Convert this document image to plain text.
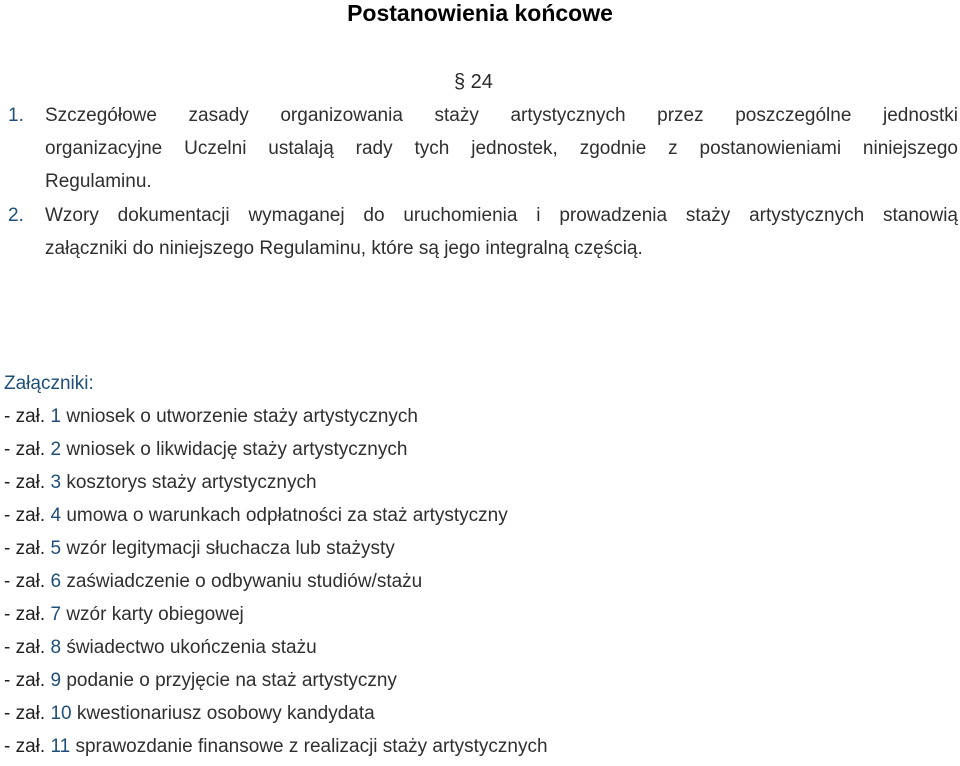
Postanowienia końcowe
§ 24
1.	Szczegółowe zasady organizowania staży artystycznych przez poszczególne jednostki
organizacyjne Uczelni ustalają rady tych jednostek, zgodnie z postanowieniami niniejszego
Regulaminu.
2.	Wzory dokumentacji wymaganej do uruchomienia i prowadzenia staży artystycznych stanowią
załączniki do niniejszego Regulaminu, które są jego integralną częścią.
Załączniki:
- zał. 1 wniosek o utworzenie staży artystycznych
- zał. 2 wniosek o likwidację staży artystycznych
- zał. 3 kosztorys staży artystycznych
- zał. 4 umowa o warunkach odpłatności za staż artystyczny
- zał. 5 wzór legitymacji słuchacza lub stażysty
- zał. 6 zaświadczenie o odbywaniu studiów/stażu
- zał. 7 wzór karty obiegowej
- zał. 8 świadectwo ukończenia stażu
- zał. 9 podanie o przyjęcie na staż artystyczny
- zał. 10 kwestionariusz osobowy kandydata
- zał. 11 sprawozdanie finansowe z realizacji staży artystycznych
